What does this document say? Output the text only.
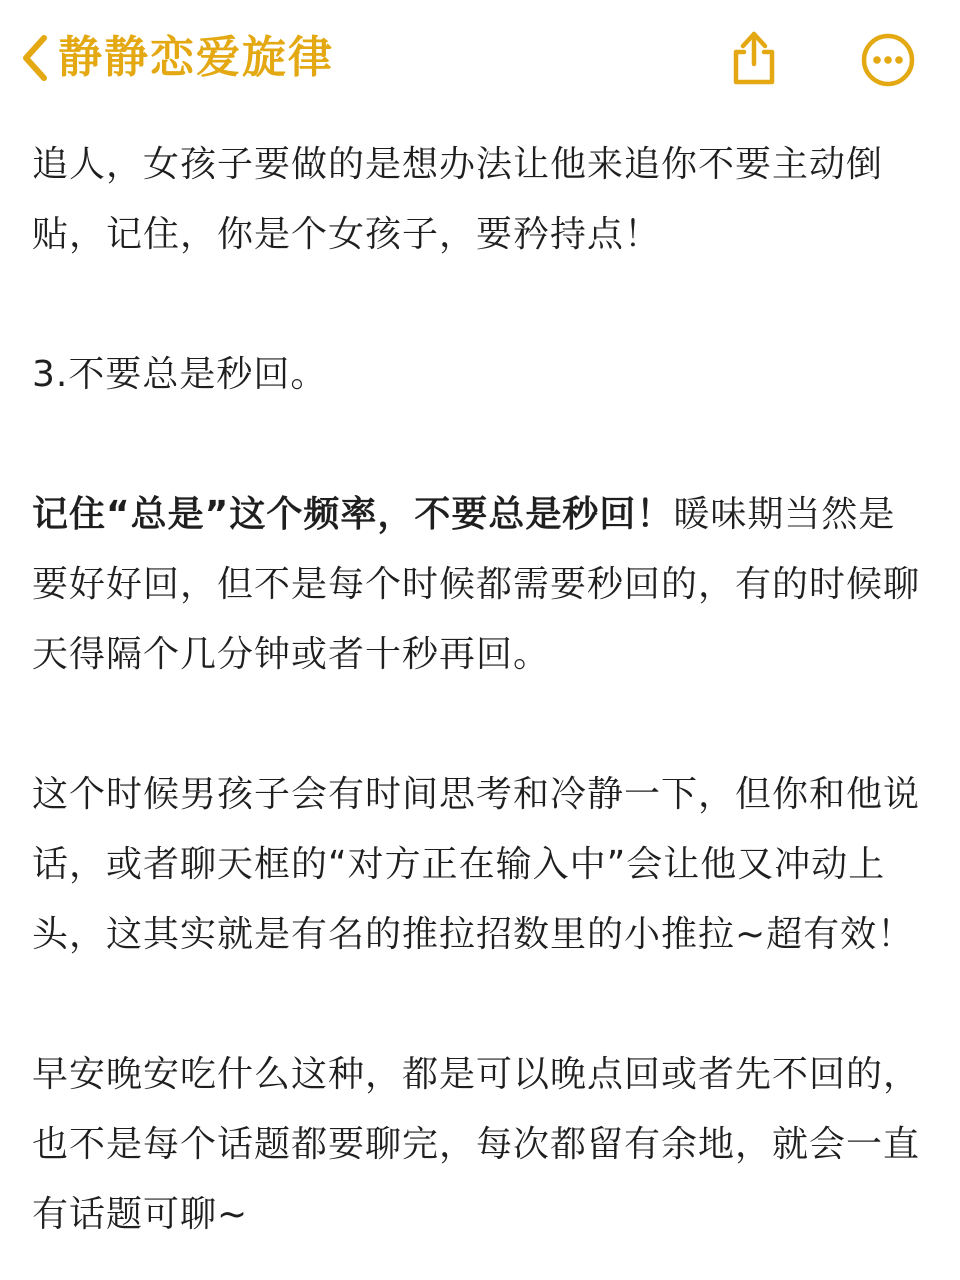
静静恋爱旋律

追人，女孩子要做的是想办法让他来追你不要主动倒贴，记住，你是个女孩子，要矜持点！

3.不要总是秒回。

记住“总是”这个频率，不要总是秒回！暖味期当然是要好好回，但不是每个时候都需要秒回的，有的时候聊天得隔个几分钟或者十秒再回。

这个时候男孩子会有时间思考和冷静一下，但你和他说话，或者聊天框的“对方正在输入中”会让他又冲动上头，这其实就是有名的推拉招数里的小推拉~超有效！

早安晚安吃什么这种，都是可以晚点回或者先不回的，也不是每个话题都要聊完，每次都留有余地，就会一直有话题可聊~
